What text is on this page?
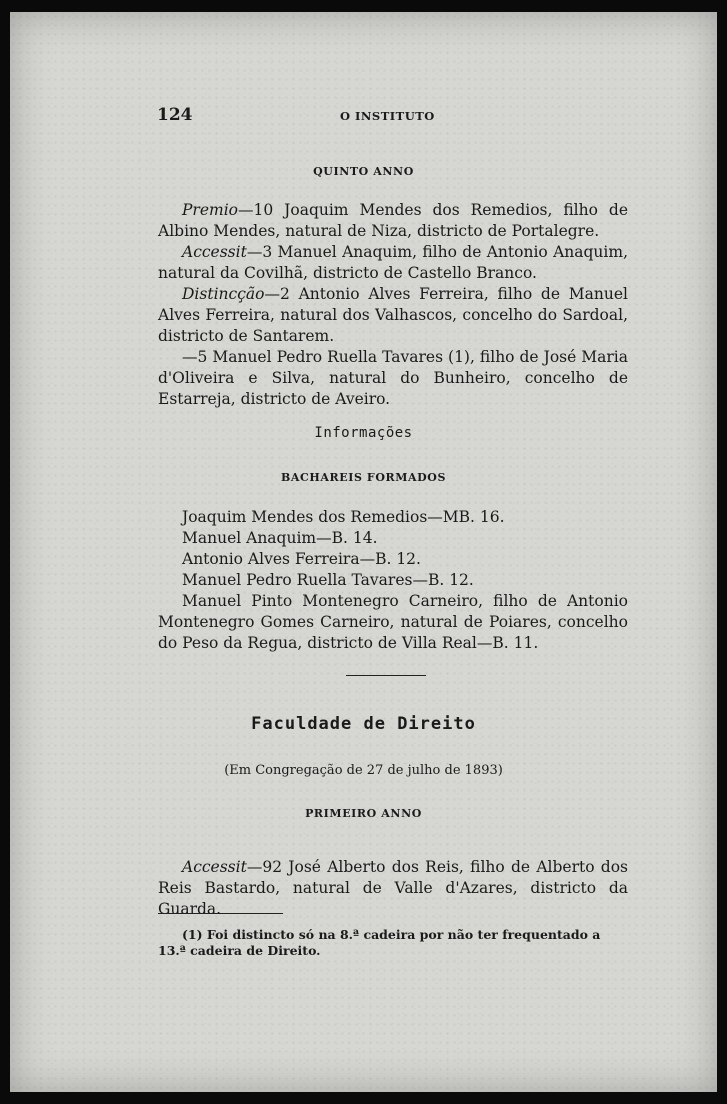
124	O INSTITUTO
QUINTO ANNO
Premio—10 Joaquim Mendes dos Remedios, filho de Albino Mendes, natural de Niza, districto de Portalegre.
Accessit—3 Manuel Anaquim, filho de Antonio Anaquim, natural da Covilhã, districto de Castello Branco.
Distincção—2 Antonio Alves Ferreira, filho de Manuel Alves Ferreira, natural dos Valhascos, concelho do Sardoal, districto de Santarem.
—5 Manuel Pedro Ruella Tavares (1), filho de José Maria d'Oliveira e Silva, natural do Bunheiro, concelho de Estarreja, districto de Aveiro.
Informações
BACHAREIS FORMADOS
Joaquim Mendes dos Remedios—MB. 16.
Manuel Anaquim—B. 14.
Antonio Alves Ferreira—B. 12.
Manuel Pedro Ruella Tavares—B. 12.
Manuel Pinto Montenegro Carneiro, filho de Antonio Montenegro Gomes Carneiro, natural de Poiares, concelho do Peso da Regua, districto de Villa Real—B. 11.
Faculdade de Direito
(Em Congregação de 27 de julho de 1893)
PRIMEIRO ANNO
Accessit—92 José Alberto dos Reis, filho de Alberto dos Reis Bastardo, natural de Valle d'Azares, districto da Guarda.
(1) Foi distincto só na 8.ª cadeira por não ter frequentado a 13.ª cadeira de Direito.
